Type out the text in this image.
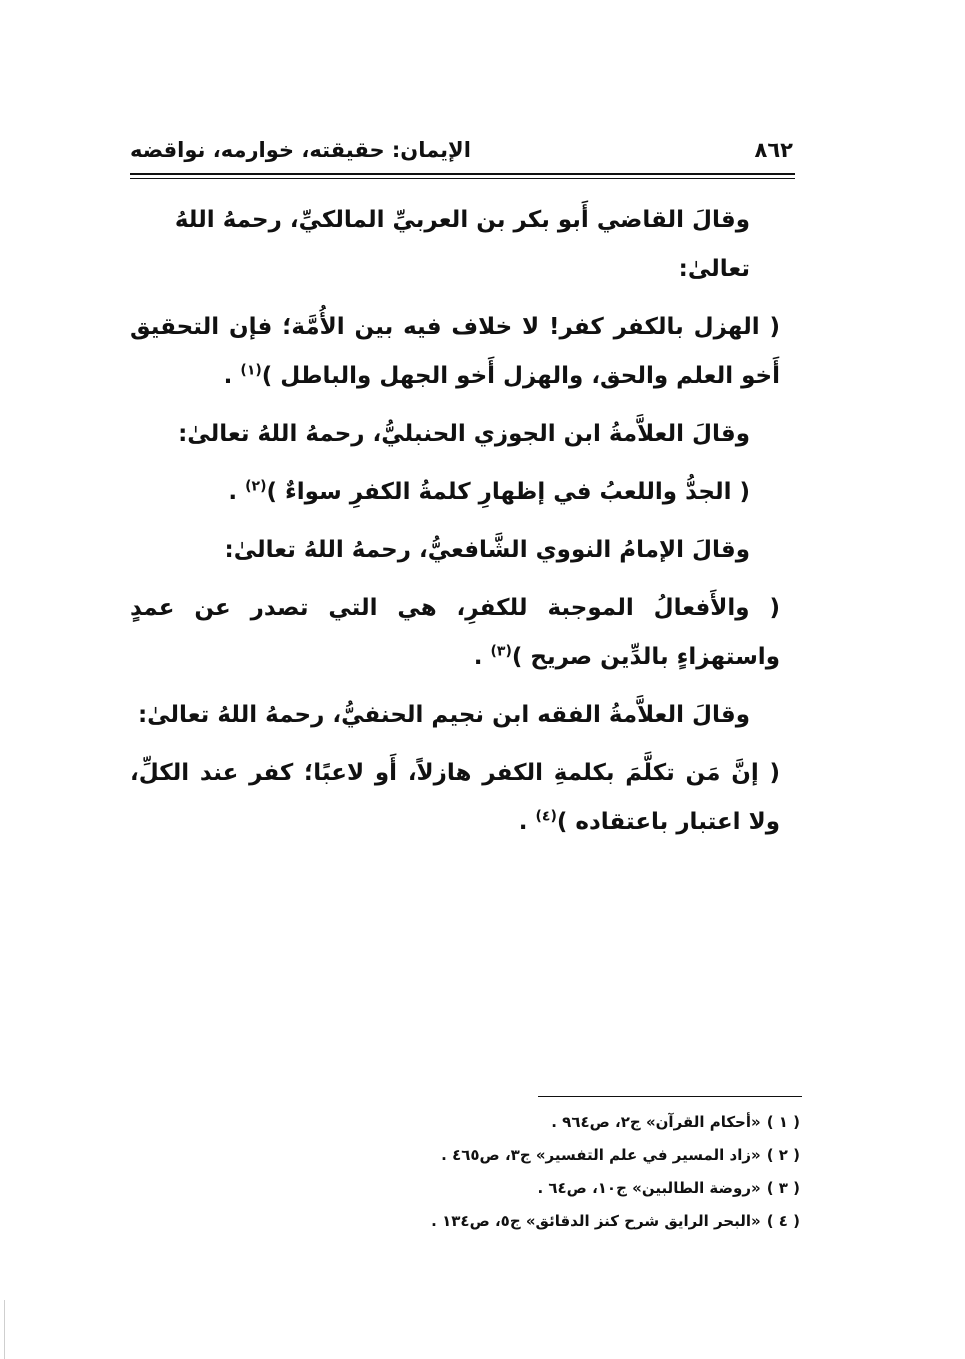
الإيمان: حقيقته، خوارمه، نواقضه	٨٦٢

وقالَ القاضي أَبو بكر بن العربيِّ المالكيِّ، رحمهُ اللهُ تعالىٰ:

( الهزل بالكفر كفر! لا خلاف فيه بين الأُمَّة؛ فإن التحقيق أَخو العلم والحق، والهزل أَخو الجهل والباطل )$^{(١)}$ .

وقالَ العلاَّمةُ ابن الجوزي الحنبليُّ، رحمهُ اللهُ تعالىٰ:

( الجدُّ واللعبُ في إظهارِ كلمةُ الكفرِ سواءٌ )$^{(٢)}$ .

وقالَ الإمامُ النووي الشَّافعيُّ، رحمهُ اللهُ تعالىٰ:

( والأَفعالُ الموجبة للكفرِ، هي التي تصدر عن عمدٍ واستهزاءٍ بالدِّين صريح )$^{(٣)}$ .

وقالَ العلاَّمةُ الفقه ابن نجيم الحنفيُّ، رحمهُ اللهُ تعالىٰ:

( إنَّ مَن تكلَّمَ بكلمةِ الكفر هازلاً، أَو لاعبًا؛ كفر عند الكلِّ، ولا اعتبار باعتقاده )$^{(٤)}$ .

( ١ )«أحكام القرآن» ج٢، ص٩٦٤ .
( ٢ )«زاد المسير في علم التفسير» ج٣، ص٤٦٥ .
( ٣ )«روضة الطالبين» ج١٠، ص٦٤ .
( ٤ )«البحر الرايق شرح كنز الدقائق» ج٥، ص١٣٤ .
